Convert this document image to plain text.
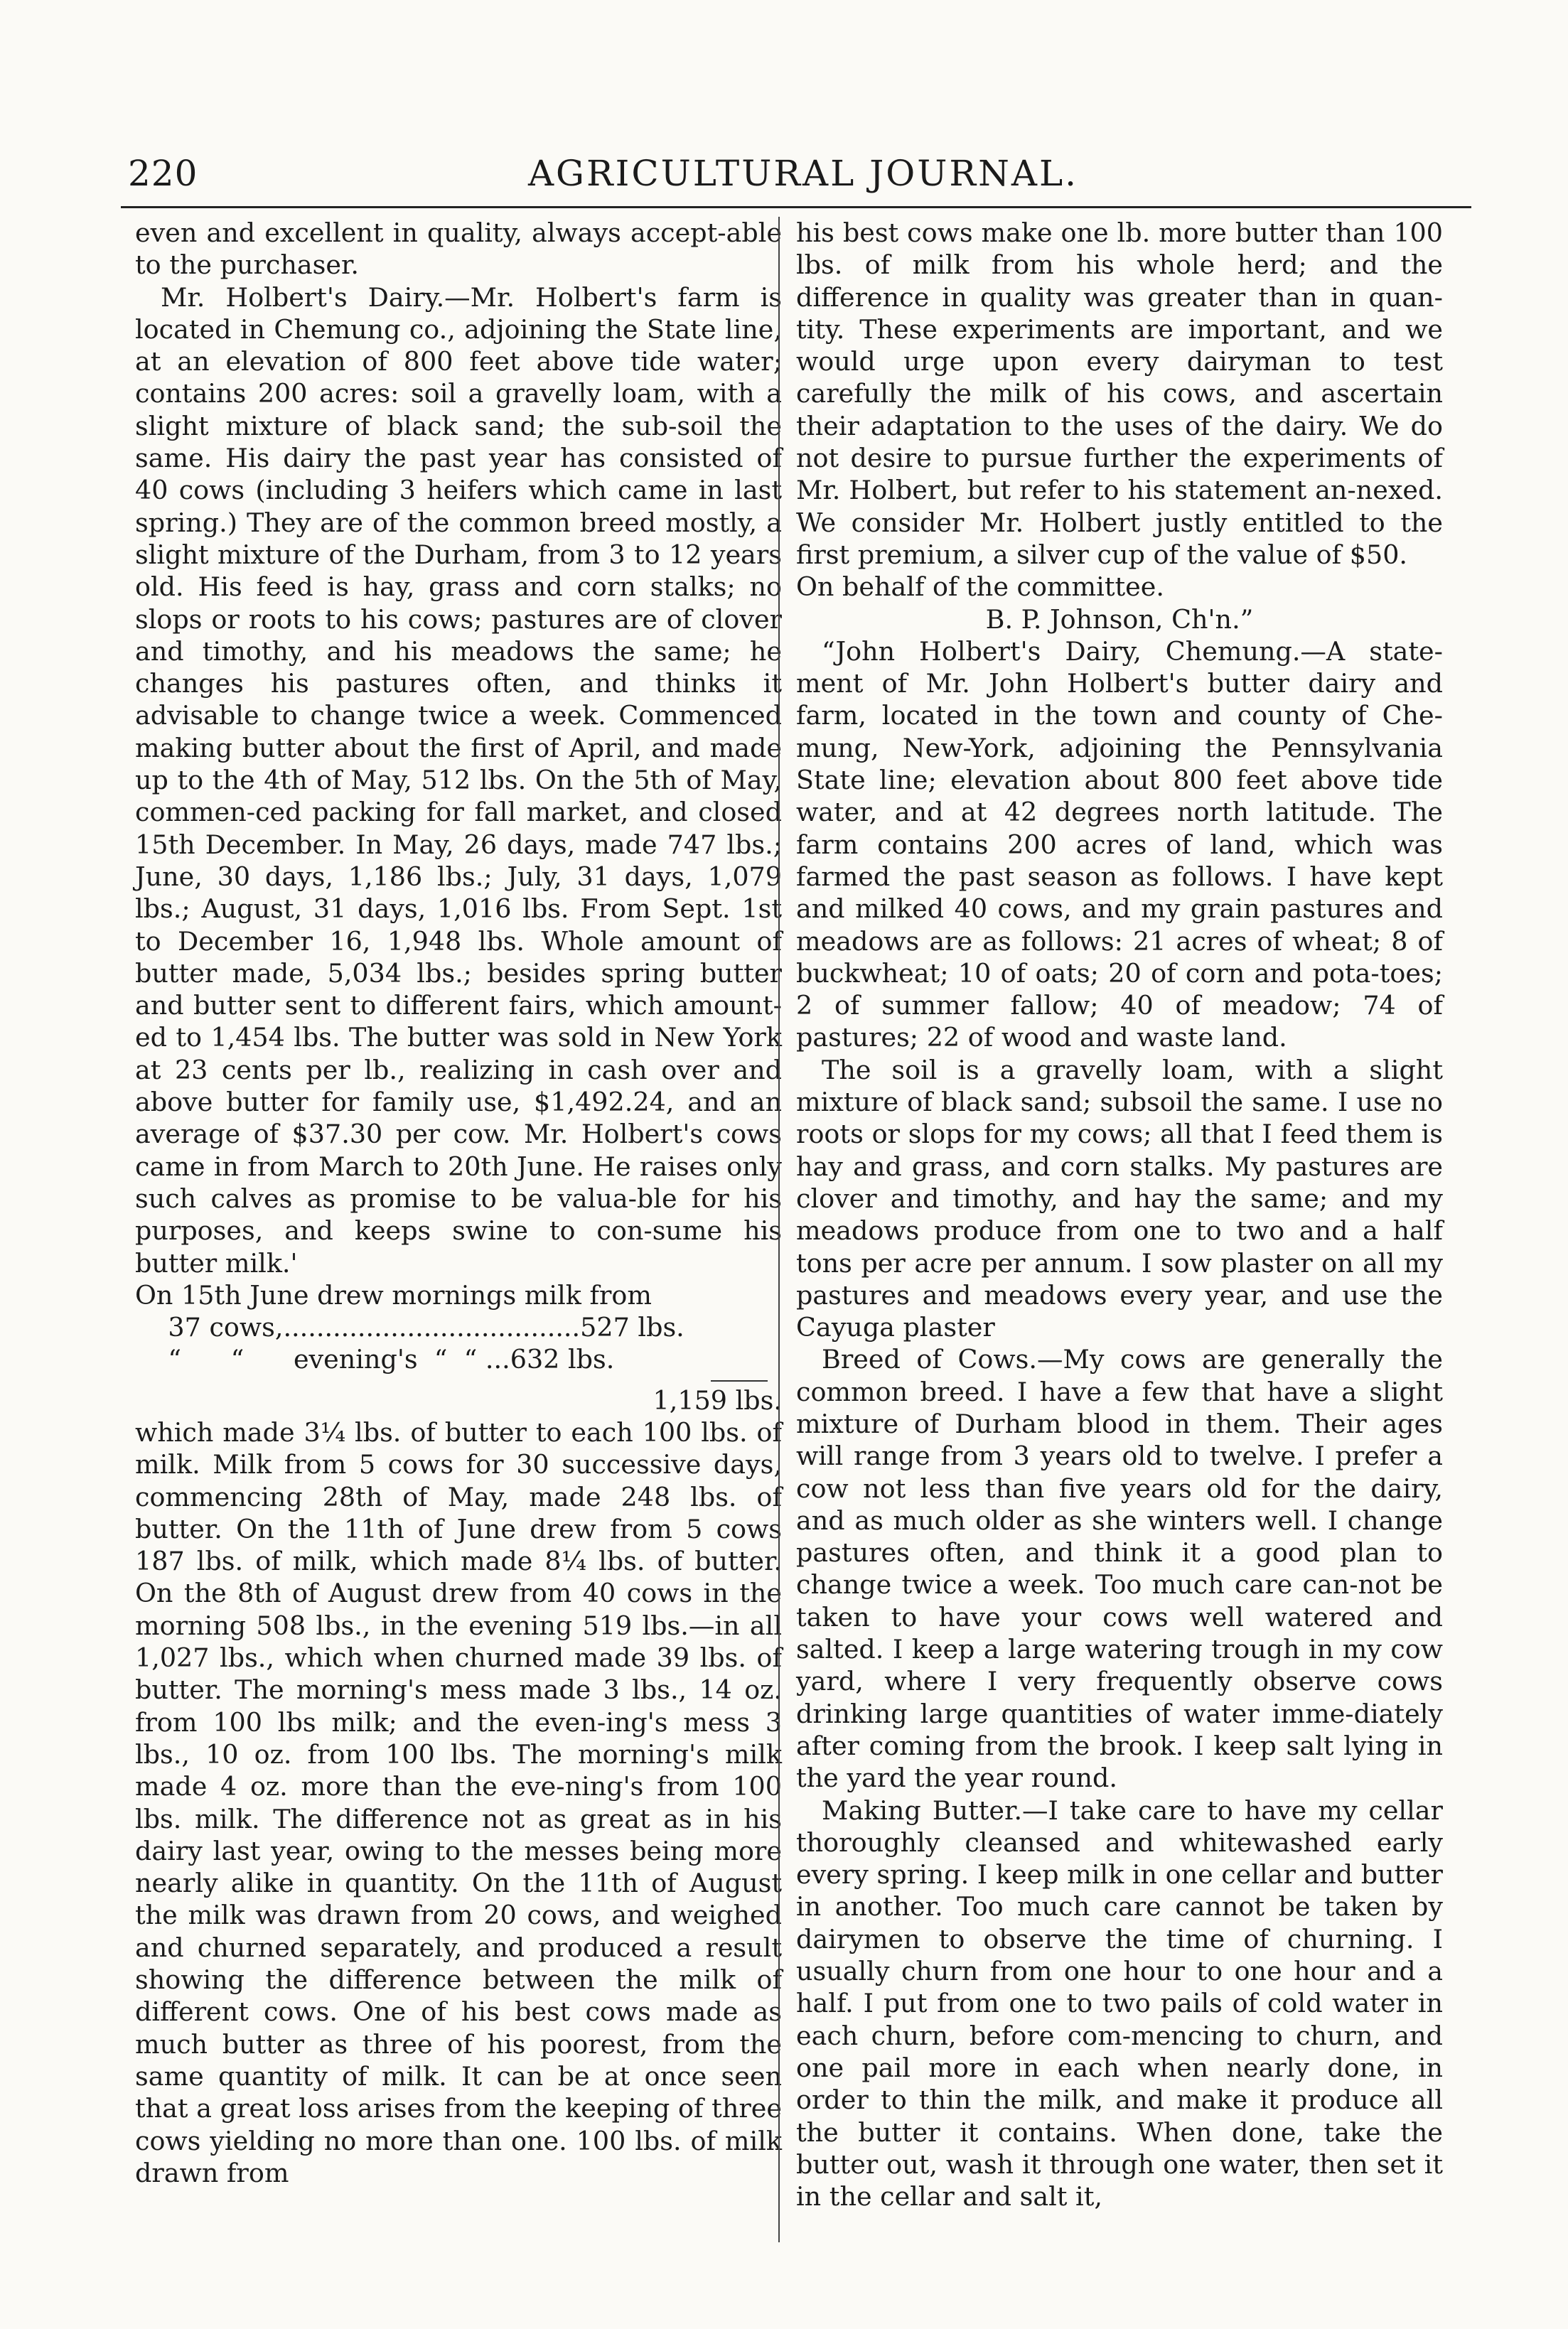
220	AGRICULTURAL JOURNAL.

even and excellent in quality, always accept-able to the purchaser.

Mr. Holbert's Dairy.—Mr. Holbert's farm is located in Chemung co., adjoining the State line, at an elevation of 800 feet above tide water; contains 200 acres: soil a gravelly loam, with a slight mixture of black sand; the sub-soil the same. His dairy the past year has consisted of 40 cows (including 3 heifers which came in last spring.) They are of the common breed mostly, a slight mixture of the Durham, from 3 to 12 years old. His feed is hay, grass and corn stalks; no slops or roots to his cows; pastures are of clover and timothy, and his meadows the same; he changes his pastures often, and thinks it advisable to change twice a week. Commenced making butter about the first of April, and made up to the 4th of May, 512 lbs. On the 5th of May, commen-ced packing for fall market, and closed 15th December. In May, 26 days, made 747 lbs.; June, 30 days, 1,186 lbs.; July, 31 days, 1,079 lbs.; August, 31 days, 1,016 lbs. From Sept. 1st to December 16, 1,948 lbs. Whole amount of butter made, 5,034 lbs.; besides spring butter and butter sent to different fairs, which amount-ed to 1,454 lbs. The butter was sold in New York at 23 cents per lb., realizing in cash over and above butter for family use, $1,492.24, and an average of $37.30 per cow. Mr. Holbert's cows came in from March to 20th June. He raises only such calves as promise to be valua-ble for his purposes, and keeps swine to con-sume his butter milk.'

On 15th June drew mornings milk from

37 cows,....................................527 lbs.

“      “      evening's  “  “ ...632 lbs.

1,159 lbs.

which made 3¼ lbs. of butter to each 100 lbs. of milk. Milk from 5 cows for 30 successive days, commencing 28th of May, made 248 lbs. of butter. On the 11th of June drew from 5 cows 187 lbs. of milk, which made 8¼ lbs. of butter. On the 8th of August drew from 40 cows in the morning 508 lbs., in the evening 519 lbs.—in all 1,027 lbs., which when churned made 39 lbs. of butter. The morning's mess made 3 lbs., 14 oz. from 100 lbs milk; and the even-ing's mess 3 lbs., 10 oz. from 100 lbs. The morning's milk made 4 oz. more than the eve-ning's from 100 lbs. milk. The difference not as great as in his dairy last year, owing to the messes being more nearly alike in quantity. On the 11th of August the milk was drawn from 20 cows, and weighed and churned separately, and produced a result showing the difference between the milk of different cows. One of his best cows made as much butter as three of his poorest, from the same quantity of milk. It can be at once seen that a great loss arises from the keeping of three cows yielding no more than one. 100 lbs. of milk drawn from

his best cows make one lb. more butter than 100 lbs. of milk from his whole herd; and the difference in quality was greater than in quan-tity. These experiments are important, and we would urge upon every dairyman to test carefully the milk of his cows, and ascertain their adaptation to the uses of the dairy. We do not desire to pursue further the experiments of Mr. Holbert, but refer to his statement an-nexed. We consider Mr. Holbert justly entitled to the first premium, a silver cup of the value of $50.

On behalf of the committee.

B. P. Johnson, Ch'n.”

“John Holbert's Dairy, Chemung.—A state-ment of Mr. John Holbert's butter dairy and farm, located in the town and county of Che-mung, New-York, adjoining the Pennsylvania State line; elevation about 800 feet above tide water, and at 42 degrees north latitude. The farm contains 200 acres of land, which was farmed the past season as follows. I have kept and milked 40 cows, and my grain pastures and meadows are as follows: 21 acres of wheat; 8 of buckwheat; 10 of oats; 20 of corn and pota-toes; 2 of summer fallow; 40 of meadow; 74 of pastures; 22 of wood and waste land.

The soil is a gravelly loam, with a slight mixture of black sand; subsoil the same. I use no roots or slops for my cows; all that I feed them is hay and grass, and corn stalks. My pastures are clover and timothy, and hay the same; and my meadows produce from one to two and a half tons per acre per annum. I sow plaster on all my pastures and meadows every year, and use the Cayuga plaster

Breed of Cows.—My cows are generally the common breed. I have a few that have a slight mixture of Durham blood in them. Their ages will range from 3 years old to twelve. I prefer a cow not less than five years old for the dairy, and as much older as she winters well. I change pastures often, and think it a good plan to change twice a week. Too much care can-not be taken to have your cows well watered and salted. I keep a large watering trough in my cow yard, where I very frequently observe cows drinking large quantities of water imme-diately after coming from the brook. I keep salt lying in the yard the year round.

Making Butter.—I take care to have my cellar thoroughly cleansed and whitewashed early every spring. I keep milk in one cellar and butter in another. Too much care cannot be taken by dairymen to observe the time of churning. I usually churn from one hour to one hour and a half. I put from one to two pails of cold water in each churn, before com-mencing to churn, and one pail more in each when nearly done, in order to thin the milk, and make it produce all the butter it contains. When done, take the butter out, wash it through one water, then set it in the cellar and salt it,
